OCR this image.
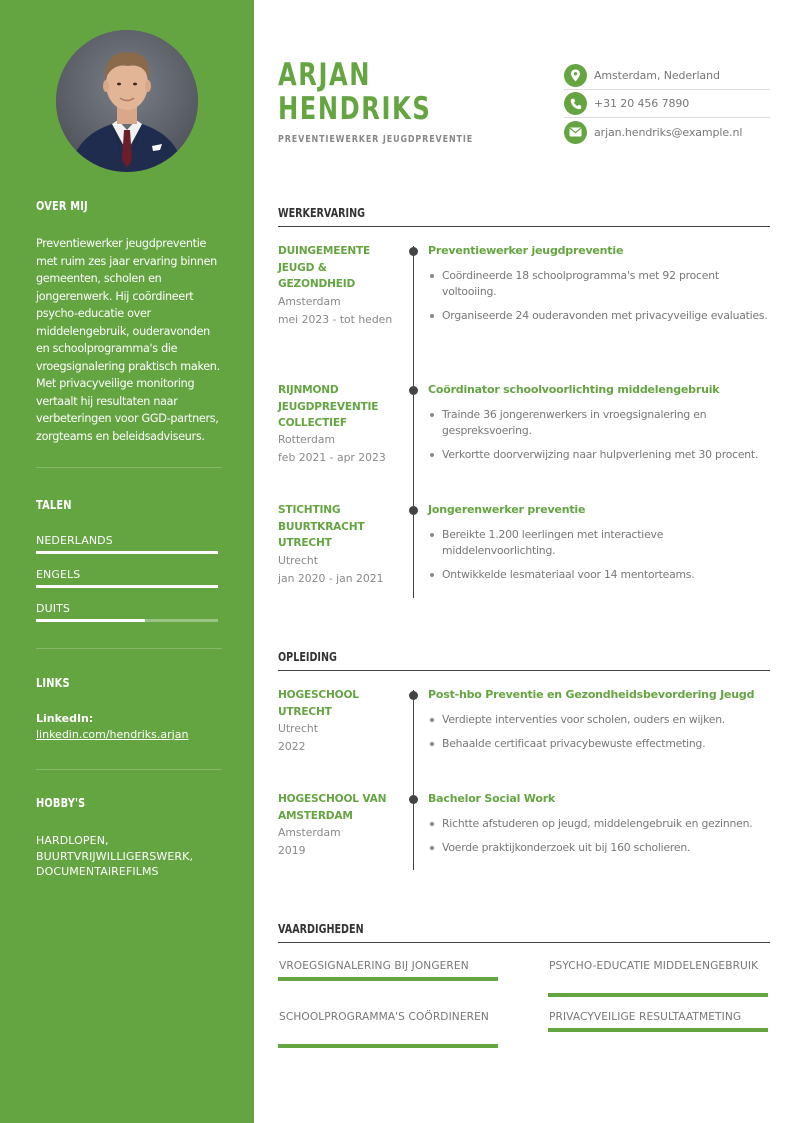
OVER MIJ
Preventiewerker jeugdpreventie met ruim zes jaar ervaring binnen gemeenten, scholen en jongerenwerk. Hij coördineert psycho-educatie over middelengebruik, ouderavonden en schoolprogramma's die vroegsignalering praktisch maken. Met privacyveilige monitoring vertaalt hij resultaten naar verbeteringen voor GGD-partners, zorgteams en beleidsadviseurs.
TALEN
NEDERLANDS
ENGELS
DUITS
LINKS
LinkedIn:
linkedin.com/hendriks.arjan
HOBBY'S
HARDLOPEN, BUURTVRIJWILLIGERSWERK, DOCUMENTAIREFILMS
ARJAN
HENDRIKS
PREVENTIEWERKER JEUGDPREVENTIE
Amsterdam, Nederland
+31 20 456 7890
arjan.hendriks@example.nl
WERKERVARING
DUINGEMEENTE JEUGD & GEZONDHEID
Amsterdam
mei 2023 - tot heden
Preventiewerker jeugdpreventie
Coördineerde 18 schoolprogramma's met 92 procent voltooiing.
Organiseerde 24 ouderavonden met privacyveilige evaluaties.
RIJNMOND JEUGDPREVENTIE COLLECTIEF
Rotterdam
feb 2021 - apr 2023
Coördinator schoolvoorlichting middelengebruik
Trainde 36 jongerenwerkers in vroegsignalering en gespreksvoering.
Verkortte doorverwijzing naar hulpverlening met 30 procent.
STICHTING BUURTKRACHT UTRECHT
Utrecht
jan 2020 - jan 2021
Jongerenwerker preventie
Bereikte 1.200 leerlingen met interactieve middelenvoorlichting.
Ontwikkelde lesmateriaal voor 14 mentorteams.
OPLEIDING
HOGESCHOOL UTRECHT
Utrecht
2022
Post-hbo Preventie en Gezondheidsbevordering Jeugd
Verdiepte interventies voor scholen, ouders en wijken.
Behaalde certificaat privacybewuste effectmeting.
HOGESCHOOL VAN AMSTERDAM
Amsterdam
2019
Bachelor Social Work
Richtte afstuderen op jeugd, middelengebruik en gezinnen.
Voerde praktijkonderzoek uit bij 160 scholieren.
VAARDIGHEDEN
VROEGSIGNALERING BIJ JONGEREN	PSYCHO-EDUCATIE MIDDELENGEBRUIK
SCHOOLPROGRAMMA'S COÖRDINEREN	PRIVACYVEILIGE RESULTAATMETING
